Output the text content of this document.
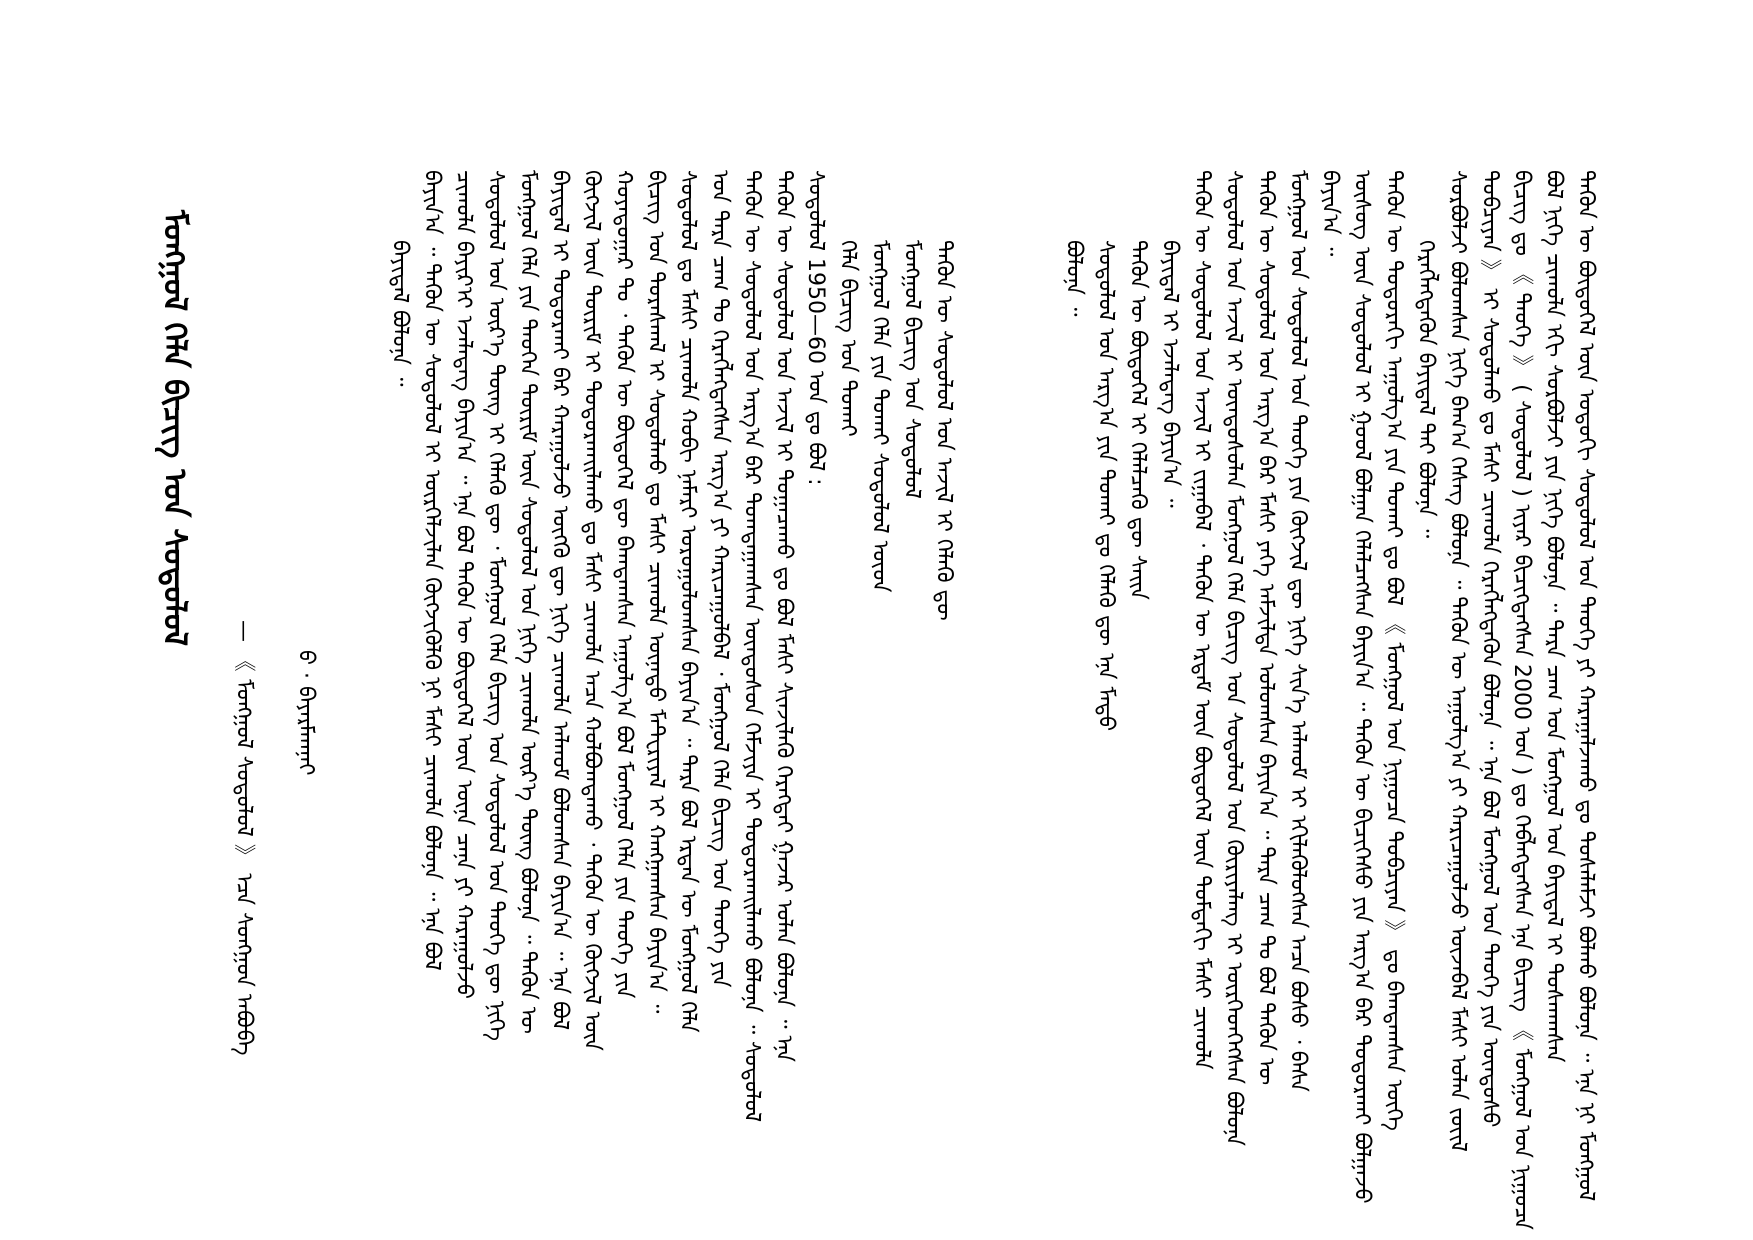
ᠲᠡᠭᠦᠨ ᠦ ᠪᠦᠲᠦᠭᠡᠯ ᠦᠨ ᠣᠳᠣᠬᠢ ᠰᠤᠳᠤᠯᠤᠯ ᠤᠨ ᠲᠡᠦᠬᠡ ᠶᠢ ᠬᠠᠷᠠᠭᠠᠯᠵᠠᠬᠣ ᠳᠤ ᠲᠤᠰᠠᠯᠠᠮᠵᠢ ᠪᠣᠯᠬᠤ ᠪᠣᠯᠤᠨᠠ ᠃ ᠡᠨᠡ ᠨᠢ ᠮᠣᠩᠭᠣᠯ
ᠪᠣᠯ ᠨᠢᠭᠡ ᠴᠢᠬᠤᠯᠠ ᠡᠬᠢ ᠰᠤᠷᠪᠤᠯᠵᠢ ᠶᠢᠨ ᠨᠢᠭᠡ ᠪᠣᠯᠤᠨᠠ ᠃ ᠲᠡᠷᠡ ᠴᠠᠭ ᠤᠨ ᠮᠣᠩᠭᠣᠯ ᠤᠨ ᠪᠠᠶᠢᠳᠠᠯ ᠢ ᠲᠤᠰᠬᠠᠭᠰᠠᠨ
ᠪᠢᠴᠢᠭ ᠳᠤ 《 ᠲᠡᠦᠬᠡ 》 ( ᠰᠤᠳᠤᠯᠤᠯ ) ᠢᠶᠡᠷ ᠪᠢᠴᠢᠭᠳᠡᠭᠰᠡᠨ 2000 ᠣᠨ ) ᠳᠤ ᠬᠡᠪᠯᠡᠭᠳᠡᠭᠰᠡᠨ ᠡᠨᠡ ᠪᠢᠴᠢᠭ 《 ᠮᠣᠩᠭᠣᠯ ᠤᠨ ᠨᠢᠭᠤᠴᠠ
ᠲᠣᠪᠴᠢᠶᠠᠨ 》 ᠢ ᠰᠤᠳᠤᠯᠬᠤ ᠳᠤ ᠮᠠᠰᠢ ᠴᠢᠬᠤᠯᠠ ᠬᠡᠷᠡᠭᠯᠡᠭᠳᠡᠬᠦᠨ ᠪᠣᠯᠤᠨᠠ ᠃ ᠡᠨᠡ ᠪᠣᠯ ᠮᠣᠩᠭᠣᠯ ᠤᠨ ᠲᠡᠦᠬᠡ ᠶᠢᠨ ᠦᠨᠳᠦᠰᠦ
ᠰᠤᠷᠪᠤᠯᠵᠢ ᠪᠣᠯᠤᠭᠰᠠᠨ ᠨᠢᠭᠡ ᠪᠠᠭ᠎ᠠ ᠬᠡᠰᠡᠭ ᠪᠣᠯᠤᠨᠠ ᠃ ᠲᠡᠭᠦᠨ ᠦ ᠠᠭᠤᠯᠭ᠎ᠠ ᠶᠢ ᠬᠠᠷᠢᠴᠠᠭᠤᠯᠵᠤ ᠦᠵᠡᠪᠡᠯ ᠮᠠᠰᠢ ᠣᠯᠠᠨ ᠵᠦᠢᠯ
ᠬᠡᠷᠡᠭᠯᠡᠭᠳᠡᠬᠦᠨ ᠪᠠᠶᠢᠳᠠᠯ ᠲᠠᠢ ᠪᠣᠯᠤᠨᠠ ᠃
ᠲᠡᠭᠦᠨ ᠦ ᠳᠣᠲᠣᠷᠠᠬᠢ ᠠᠭᠤᠯᠭ᠎ᠠ ᠶᠢᠨ ᠲᠤᠬᠠᠢ ᠳᠤ ᠪᠣᠯ 《 ᠮᠣᠩᠭᠣᠯ ᠤᠨ ᠨᠢᠭᠤᠴᠠ ᠲᠣᠪᠴᠢᠶᠠᠨ 》 ᠳᠤ ᠪᠠᠭᠲᠠᠭᠰᠠᠨ ᠦᠭᠡ
ᠦᠰᠦᠭ ᠦᠨ ᠰᠤᠳᠤᠯᠤᠯ ᠢ ᠭᠣᠣᠯ ᠪᠣᠯᠭᠠᠨ ᠬᠡᠯᠡᠯᠴᠡᠭᠰᠡᠨ ᠪᠠᠶᠢᠨ᠎ᠠ ᠃ ᠲᠡᠭᠦᠨ ᠦ ᠪᠢᠴᠢᠭᠡᠰᠦ ᠶᠢᠨ ᠠᠷᠭ᠎ᠠ ᠪᠠᠷ ᠲᠣᠳᠤᠷᠬᠠᠢ ᠪᠣᠯᠭᠠᠵᠤ
ᠪᠠᠶᠢᠨ᠎ᠠ ᠃
ᠮᠣᠩᠭᠣᠯ ᠤᠨ ᠰᠤᠳᠤᠯᠤᠯ ᠤᠨ ᠲᠡᠦᠬᠡ ᠶᠢᠨ ᠬᠦᠭᠵᠢᠯ ᠳᠦ ᠨᠢᠭᠡ ᠰᠢᠨ᠎ᠡ ᠠᠯᠬᠤᠮ ᠢ ᠡᠬᠢᠯᠡᠭᠦᠯᠦᠭᠰᠡᠨ ᠠᠴᠠ ᠪᠤᠰᠤ ᠂ ᠪᠠᠰᠠ
ᠲᠡᠭᠦᠨ ᠦ ᠰᠤᠳᠤᠯᠤᠯ ᠤᠨ ᠠᠷᠭ᠎ᠠ ᠪᠠᠷ ᠮᠠᠰᠢ ᠶᠡᠬᠡ ᠠᠮᠵᠢᠯᠲᠠ ᠣᠯᠤᠭᠰᠠᠨ ᠪᠠᠶᠢᠨ᠎ᠠ ᠃ ᠲᠡᠷᠡ ᠴᠠᠭ ᠲᠤ ᠪᠣᠯ ᠲᠡᠭᠦᠨ ᠦ
ᠰᠤᠳᠤᠯᠤᠯ ᠤᠨ ᠠᠵᠢᠯ ᠢ ᠦᠨᠳᠦᠰᠦᠯᠡᠨ ᠮᠣᠩᠭᠣᠯ ᠬᠡᠯᠡ ᠪᠢᠴᠢᠭ ᠤᠨ ᠰᠤᠳᠤᠯᠤᠯ ᠤᠨ ᠬᠦᠷᠢᠶᠡᠯᠡᠩ ᠢ ᠦᠷᠭᠡᠳᠬᠡᠭᠰᠡᠨ ᠪᠣᠯᠤᠨᠠ
ᠲᠡᠭᠦᠨ ᠦ ᠰᠤᠳᠤᠯᠤᠯ ᠤᠨ ᠠᠵᠢᠯ ᠢ ᠵᠢᠭᠠᠪᠠᠯ ᠂ ᠲᠡᠭᠦᠨ ᠦ ᠡᠷᠳᠡᠮ ᠦᠨ ᠪᠦᠲᠦᠭᠡᠯ ᠦᠨ ᠳᠤᠮᠳᠠᠬᠢ ᠮᠠᠰᠢ ᠴᠢᠬᠤᠯᠠ
ᠪᠠᠶᠢᠳᠠᠯ ᠢ ᠡᠵᠡᠯᠡᠳᠡᠭ ᠪᠠᠶᠢᠨ᠎ᠠ ᠃
ᠲᠡᠭᠦᠨ ᠦ ᠪᠦᠲᠦᠭᠡᠯ ᠢ ᠬᠡᠯᠡᠯᠴᠡᠬᠦ ᠳᠦ ᠰᠠᠢᠨ
ᠰᠤᠳᠤᠯᠤᠯ ᠤᠨ ᠠᠷᠭ᠎ᠠ ᠶᠢᠨ ᠲᠤᠬᠠᠢ ᠳᠤ ᠬᠡᠯᠡᠬᠦ ᠳᠦ ᠡᠨᠡ ᠮᠡᠲᠦ
ᠪᠣᠯᠤᠨᠠ ᠃
ᠲᠡᠭᠦᠨ ᠦ ᠰᠤᠳᠤᠯᠤᠯ ᠤᠨ ᠠᠵᠢᠯ ᠢ ᠬᠡᠯᠡᠬᠦ ᠳᠦ
ᠮᠣᠩᠭᠣᠯ ᠪᠢᠴᠢᠭ ᠤᠨ ᠰᠤᠳᠤᠯᠤᠯ
ᠮᠣᠩᠭᠣᠯ ᠬᠡᠯᠡ ᠶᠢᠨ ᠲᠤᠬᠠᠢ ᠰᠤᠳᠤᠯᠤᠯ ᠦᠳ
ᠬᠡᠯᠡ ᠪᠢᠴᠢᠭ ᠤᠨ ᠲᠤᠬᠠᠢ
ᠰᠤᠳᠤᠯᠤᠯ 1950—60 ᠣᠨ ᠳᠤ ᠪᠣᠯ :
ᠲᠡᠭᠦᠨ ᠦ ᠰᠤᠳᠤᠯᠤᠯ ᠤᠨ ᠠᠵᠢᠯ ᠢ ᠲᠣᠭᠠᠴᠠᠬᠤ ᠳᠤ ᠪᠣᠯ ᠮᠠᠰᠢ ᠰᠢᠨᠵᠢᠯᠡᠬᠦ ᠬᠡᠷᠡᠭᠲᠡᠢ ᠭᠠᠵᠠᠷ ᠣᠯᠠᠨ ᠪᠣᠯᠤᠨᠠ ᠃ ᠡᠨᠡ
ᠲᠡᠭᠦᠨ ᠦ ᠰᠤᠳᠤᠯᠤᠯ ᠤᠨ ᠠᠷᠭ᠎ᠠ ᠪᠠᠷ ᠲᠣᠭᠲᠠᠭᠠᠭᠰᠠᠨ ᠦᠨᠳᠦᠰᠦᠨ ᠬᠡᠮᠵᠢᠶᠡ ᠢ ᠲᠣᠳᠤᠷᠬᠠᠢᠯᠠᠬᠤ ᠪᠣᠯᠤᠨᠠ ᠃ ᠰᠤᠳᠤᠯᠤᠯ
ᠤᠨ ᠲᠡᠷᠡ ᠴᠠᠭ ᠲᠤ ᠬᠡᠷᠡᠭᠯᠡᠭᠳᠡᠭᠰᠡᠨ ᠠᠷᠭ᠎ᠠ ᠶᠢ ᠬᠠᠷᠢᠴᠠᠭᠤᠯᠪᠠᠯ ᠂ ᠮᠣᠩᠭᠣᠯ ᠬᠡᠯᠡ ᠪᠢᠴᠢᠭ ᠤᠨ ᠲᠡᠦᠬᠡ ᠶᠢᠨ
ᠰᠤᠳᠤᠯᠤᠯ ᠳᠤ ᠮᠠᠰᠢ ᠴᠢᠬᠤᠯᠠ ᠬᠣᠪᠢ ᠨᠡᠮᠡᠷᠢ ᠣᠷᠤᠭᠤᠯᠤᠭᠰᠠᠨ ᠪᠠᠶᠢᠨ᠎ᠠ ᠃ ᠲᠡᠷᠡ ᠪᠣᠯ ᠡᠷᠲᠡᠨ ᠦ ᠮᠣᠩᠭᠣᠯ ᠬᠡᠯᠡ
ᠪᠢᠴᠢᠭ ᠤᠨ ᠳᠤᠷᠠᠰᠬᠠᠯ ᠢ ᠰᠤᠳᠤᠯᠬᠤ ᠳᠤ ᠮᠠᠰᠢ ᠴᠢᠬᠤᠯᠠ ᠦᠨᠡᠲᠦ ᠮᠠᠲ᠋ᠧᠷᠢᠶᠠᠯ ᠢ ᠬᠠᠩᠭᠠᠭᠰᠠᠨ ᠪᠠᠶᠢᠨ᠎ᠠ ᠃
ᠬᠣᠶᠠᠳᠤᠭᠠᠷ ᠲᠤ ᠂ ᠲᠡᠭᠦᠨ ᠦ ᠪᠦᠲᠦᠭᠡᠯ ᠳᠦ ᠪᠠᠭᠲᠠᠭᠰᠠᠨ ᠠᠭᠤᠯᠭ᠎ᠠ ᠪᠣᠯ ᠮᠣᠩᠭᠣᠯ ᠬᠡᠯᠡ ᠶᠢᠨ ᠲᠡᠦᠬᠡ ᠶᠢᠨ
ᠬᠦᠭᠵᠢᠯ ᠦᠨ ᠳᠦᠷᠢᠮ ᠢ ᠲᠣᠳᠤᠷᠬᠠᠢᠯᠠᠬᠤ ᠳᠤ ᠮᠠᠰᠢ ᠴᠢᠬᠤᠯᠠ ᠠᠴᠠ ᠬᠣᠯᠪᠣᠭᠳᠠᠬᠤ ᠂ ᠲᠡᠭᠦᠨ ᠦ ᠬᠦᠭᠵᠢᠯ ᠦᠨ
ᠪᠠᠶᠢᠳᠠᠯ ᠢ ᠲᠣᠳᠤᠷᠬᠠᠢ ᠪᠠᠷ ᠬᠠᠷᠠᠭᠤᠯᠵᠤ ᠦᠭᠬᠦ ᠳᠦ ᠨᠢᠭᠡ ᠴᠢᠬᠤᠯᠠ ᠠᠯᠬᠤᠮ ᠪᠣᠯᠤᠭᠰᠠᠨ ᠪᠠᠶᠢᠨ᠎ᠠ ᠃ ᠡᠨᠡ ᠪᠣᠯ
ᠮᠣᠩᠭᠣᠯ ᠬᠡᠯᠡ ᠶᠢᠨ ᠲᠡᠦᠬᠡᠨ ᠳᠦᠷᠢᠮ ᠦᠨ ᠰᠤᠳᠤᠯᠤᠯ ᠤᠨ ᠨᠢᠭᠡ ᠴᠢᠬᠤᠯᠠ ᠦᠷ᠎ᠡ ᠳᠦᠩ ᠪᠣᠯᠤᠨᠠ ᠃ ᠲᠡᠭᠦᠨ ᠦ
ᠰᠤᠳᠤᠯᠤᠯ ᠤᠨ ᠦᠷ᠎ᠡ ᠳᠦᠩ ᠢ ᠬᠡᠯᠡᠬᠦ ᠳᠦ ᠂ ᠮᠣᠩᠭᠣᠯ ᠬᠡᠯᠡ ᠪᠢᠴᠢᠭ ᠤᠨ ᠰᠤᠳᠤᠯᠤᠯ ᠤᠨ ᠲᠡᠦᠬᠡ ᠳᠦ ᠨᠢᠭᠡ
ᠴᠢᠬᠤᠯᠠ ᠪᠠᠶᠢᠷ᠎ᠢ ᠡᠵᠡᠯᠡᠳᠡᠭ ᠪᠠᠶᠢᠨ᠎ᠠ ᠃ ᠡᠨᠡ ᠪᠣᠯ ᠲᠡᠭᠦᠨ ᠦ ᠪᠦᠲᠦᠭᠡᠯ ᠦᠨ ᠦᠨᠡ ᠴᠡᠨᠡ ᠶᠢ ᠬᠠᠷᠠᠭᠤᠯᠵᠤ
ᠪᠠᠶᠢᠨ᠎ᠠ ᠃ ᠲᠡᠭᠦᠨ ᠦ ᠰᠤᠳᠤᠯᠤᠯ ᠢ ᠦᠷᠭᠡᠯᠵᠢᠯᠡᠨ ᠬᠦᠭᠵᠢᠭᠦᠯᠬᠦ ᠨᠢ ᠮᠠᠰᠢ ᠴᠢᠬᠤᠯᠠ ᠪᠣᠯᠤᠨᠠ ᠃ ᠡᠨᠡ ᠪᠣᠯ
ᠪᠠᠶᠢᠳᠠᠯ ᠪᠣᠯᠤᠨᠠ ᠃
ᠪ · ᠪᠠᠶᠠᠷᠮᠠᠭᠨᠠᠢ
— 《 ᠮᠣᠩᠭᠣᠯ ᠰᠤᠳᠤᠯᠤᠯ 》 ᠡᠴᠡ ᠰᠣᠩᠭᠣᠨ ᠠᠪᠤᠪᠠ
ᠮᠣᠩᠭᠣᠯ ᠬᠡᠯᠡ ᠪᠢᠴᠢᠭ ᠤᠨ ᠰᠤᠳᠤᠯᠤᠯ
